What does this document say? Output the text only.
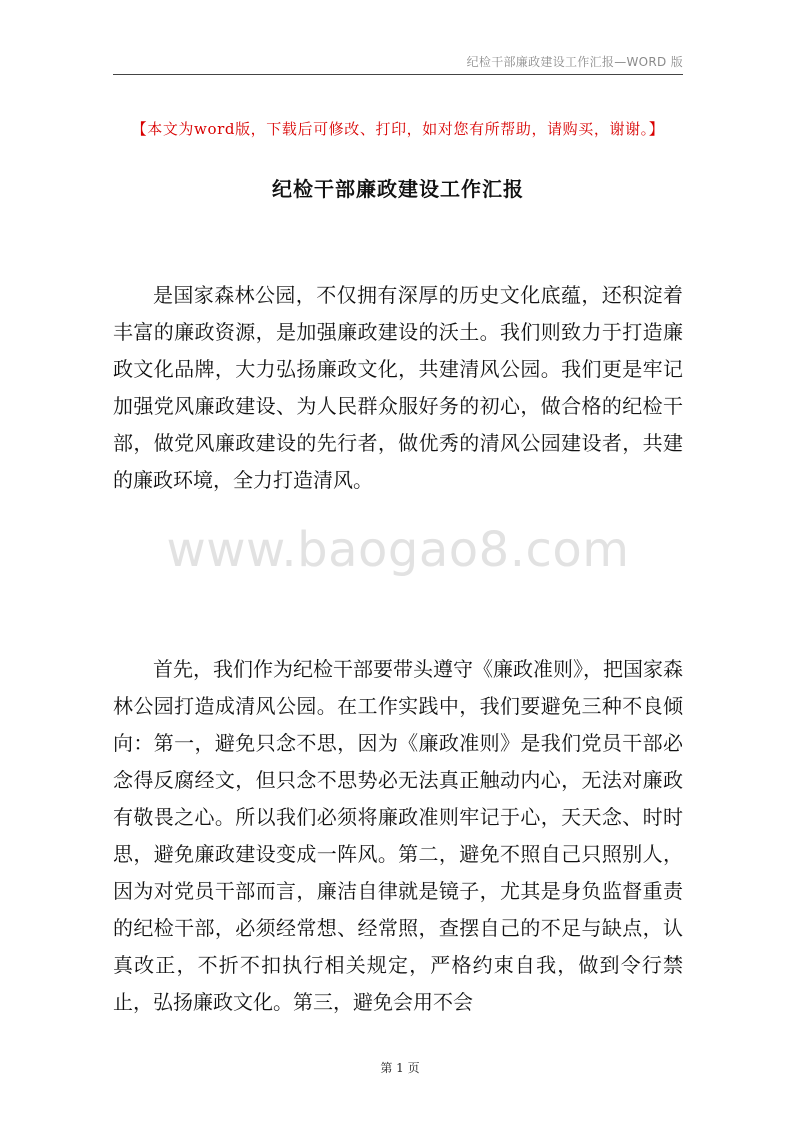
纪检干部廉政建设工作汇报—WORD 版
【本文为word版，下载后可修改、打印，如对您有所帮助，请购买，谢谢。】
纪检干部廉政建设工作汇报

是国家森林公园，不仅拥有深厚的历史文化底蕴，还积淀着丰富的廉政资源，是加强廉政建设的沃土。我们则致力于打造廉政文化品牌，大力弘扬廉政文化，共建清风公园。我们更是牢记加强党风廉政建设、为人民群众服好务的初心，做合格的纪检干部，做党风廉政建设的先行者，做优秀的清风公园建设者，共建的廉政环境，全力打造清风。

www.baogao8.com

首先，我们作为纪检干部要带头遵守《廉政准则》，把国家森林公园打造成清风公园。在工作实践中，我们要避免三种不良倾向：第一，避免只念不思，因为《廉政准则》是我们党员干部必念得反腐经文，但只念不思势必无法真正触动内心，无法对廉政有敬畏之心。所以我们必须将廉政准则牢记于心，天天念、时时思，避免廉政建设变成一阵风。第二，避免不照自己只照别人，因为对党员干部而言，廉洁自律就是镜子，尤其是身负监督重责的纪检干部，必须经常想、经常照，查摆自己的不足与缺点，认真改正，不折不扣执行相关规定，严格约束自我，做到令行禁止，弘扬廉政文化。第三，避免会用不会

第 1 页
